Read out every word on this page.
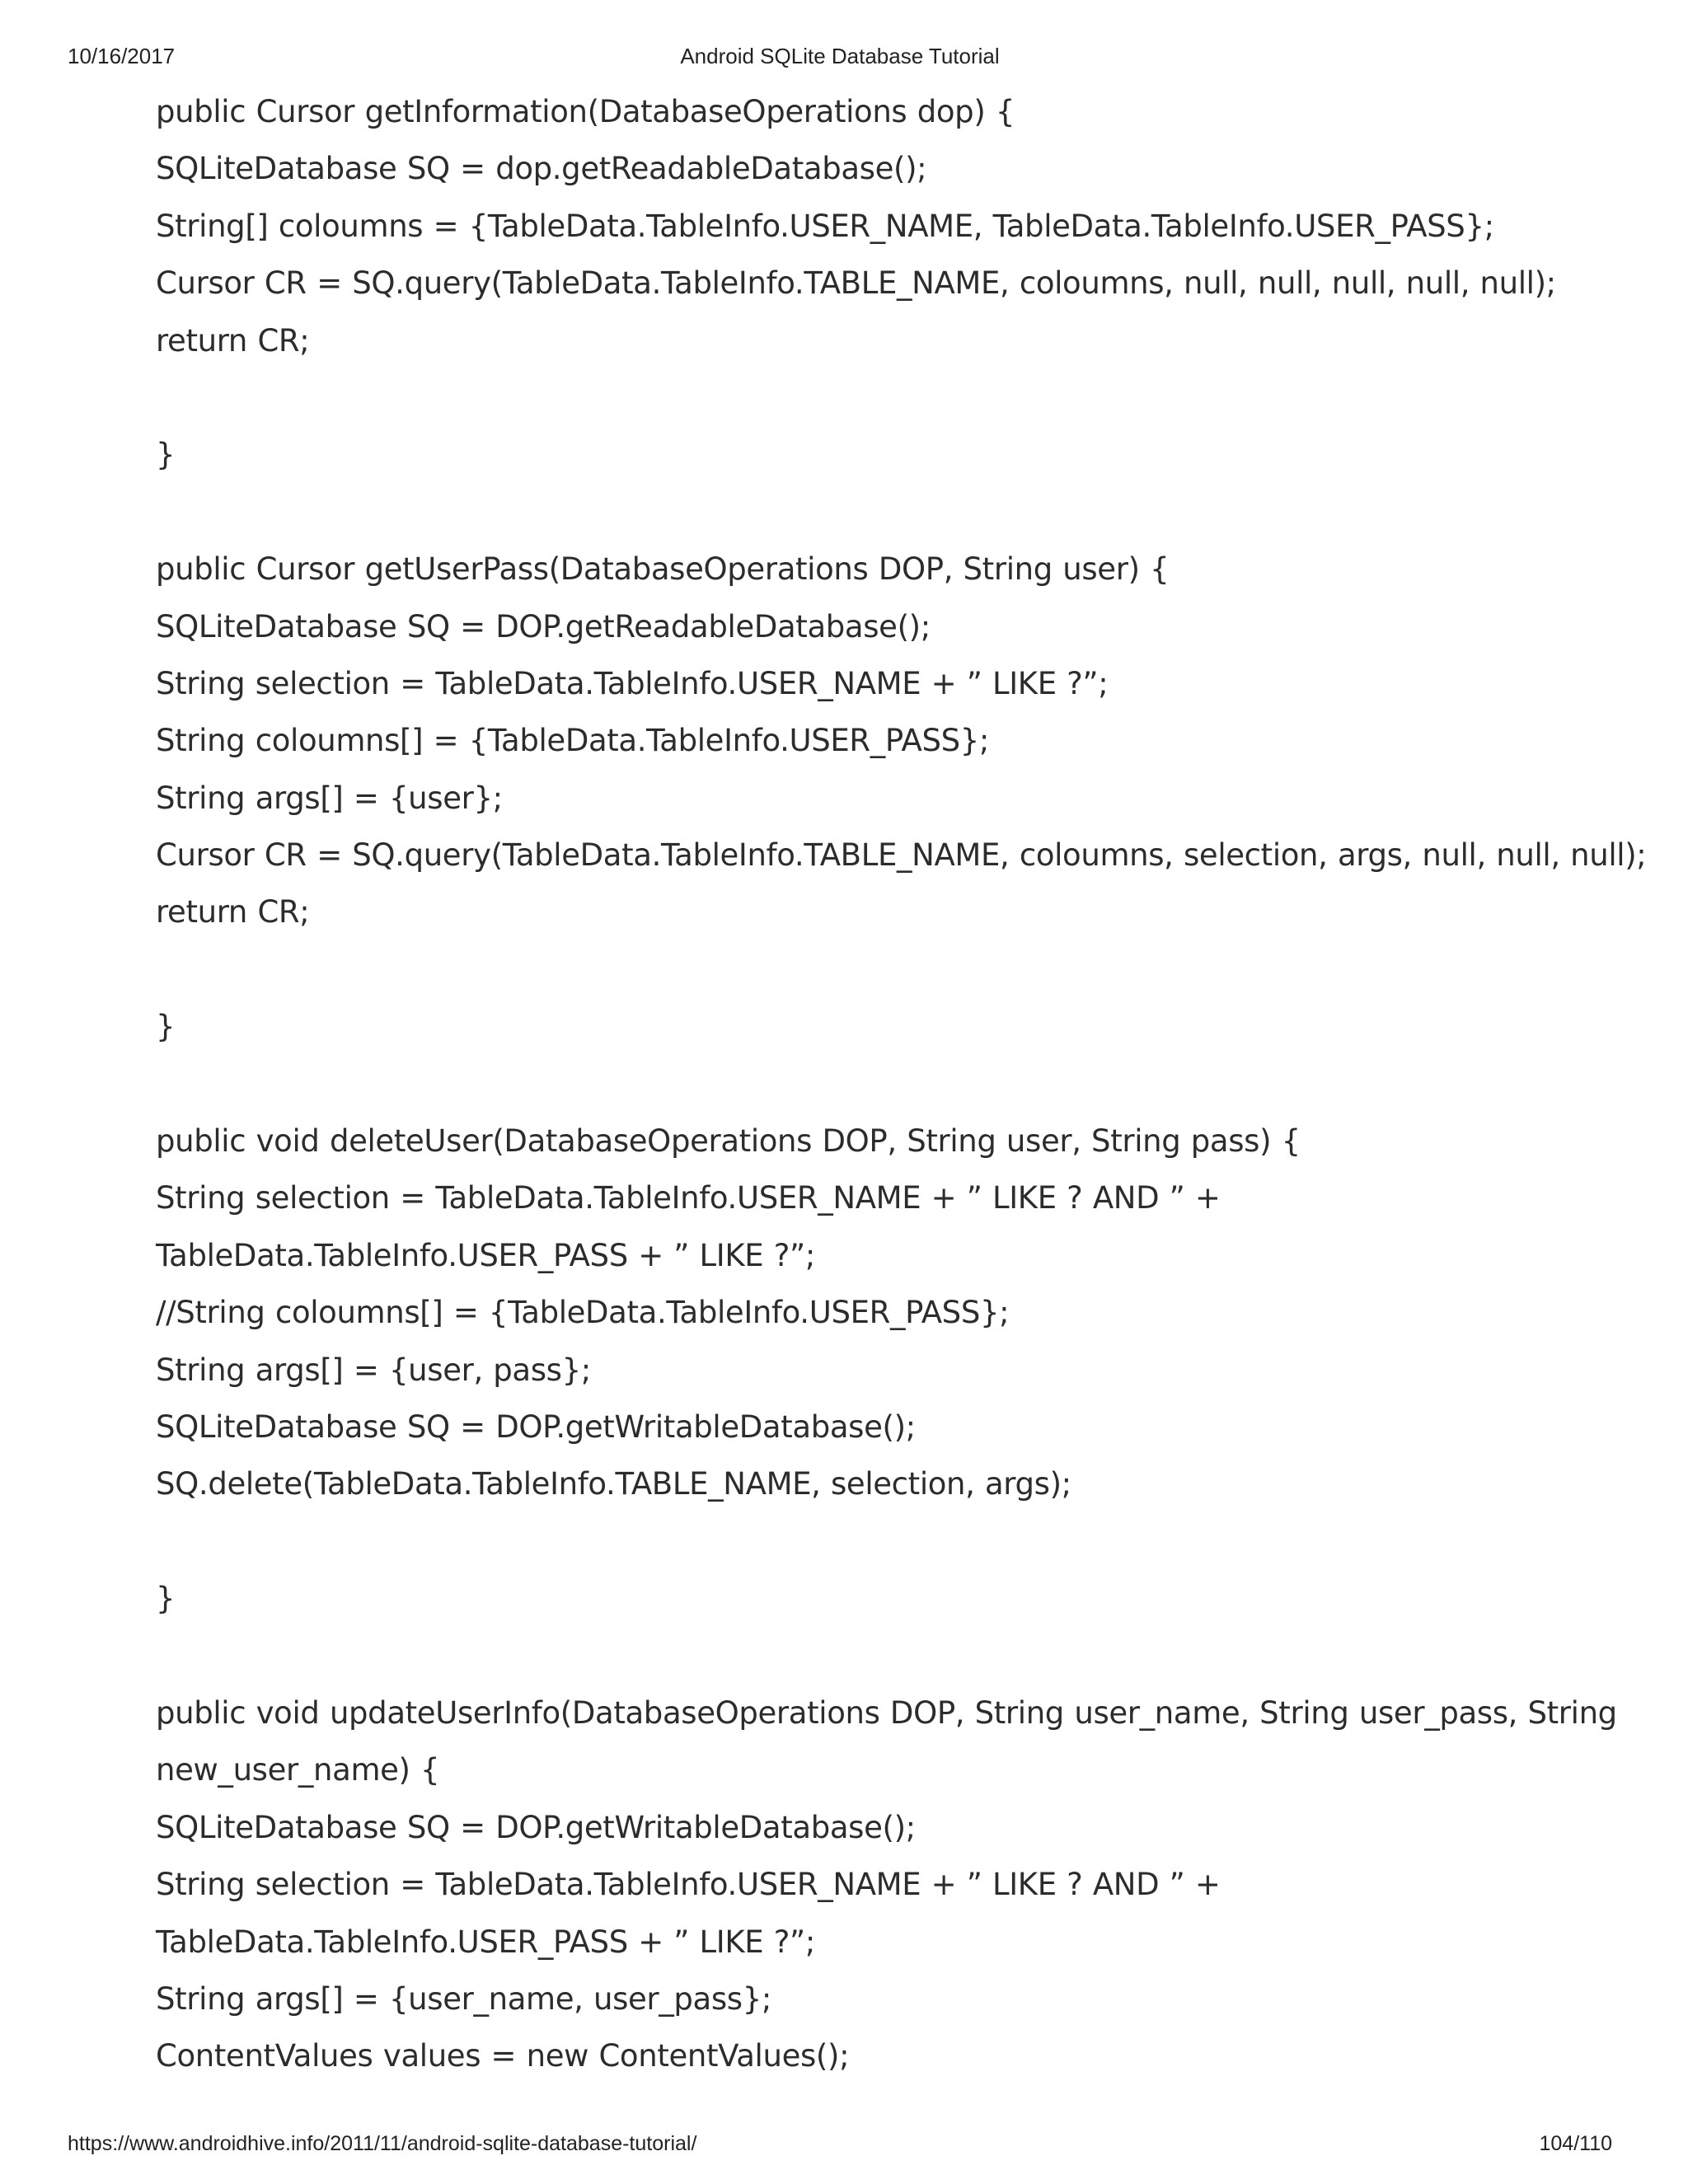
10/16/2017	Android SQLite Database Tutorial
public Cursor getInformation(DatabaseOperations dop) {
SQLiteDatabase SQ = dop.getReadableDatabase();
String[] coloumns = {TableData.TableInfo.USER_NAME, TableData.TableInfo.USER_PASS};
Cursor CR = SQ.query(TableData.TableInfo.TABLE_NAME, coloumns, null, null, null, null, null);
return CR;
}
public Cursor getUserPass(DatabaseOperations DOP, String user) {
SQLiteDatabase SQ = DOP.getReadableDatabase();
String selection = TableData.TableInfo.USER_NAME + ” LIKE ?”;
String coloumns[] = {TableData.TableInfo.USER_PASS};
String args[] = {user};
Cursor CR = SQ.query(TableData.TableInfo.TABLE_NAME, coloumns, selection, args, null, null, null);
return CR;
}
public void deleteUser(DatabaseOperations DOP, String user, String pass) {
String selection = TableData.TableInfo.USER_NAME + ” LIKE ? AND ” +
TableData.TableInfo.USER_PASS + ” LIKE ?”;
//String coloumns[] = {TableData.TableInfo.USER_PASS};
String args[] = {user, pass};
SQLiteDatabase SQ = DOP.getWritableDatabase();
SQ.delete(TableData.TableInfo.TABLE_NAME, selection, args);
}
public void updateUserInfo(DatabaseOperations DOP, String user_name, String user_pass, String
new_user_name) {
SQLiteDatabase SQ = DOP.getWritableDatabase();
String selection = TableData.TableInfo.USER_NAME + ” LIKE ? AND ” +
TableData.TableInfo.USER_PASS + ” LIKE ?”;
String args[] = {user_name, user_pass};
ContentValues values = new ContentValues();
https://www.androidhive.info/2011/11/android-sqlite-database-tutorial/	104/110
